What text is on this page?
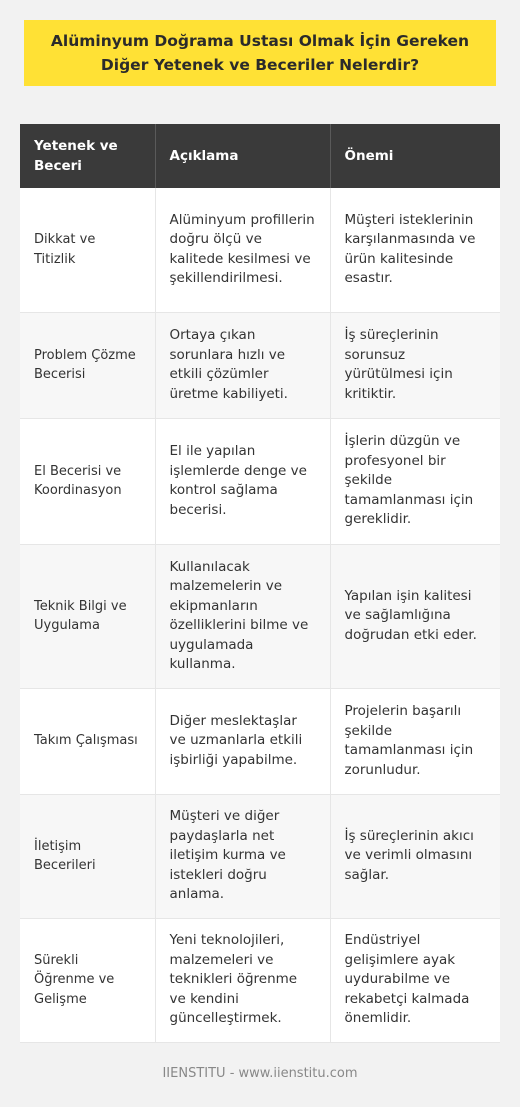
Alüminyum Doğrama Ustası Olmak İçin Gereken Diğer Yetenek ve Beceriler Nelerdir?
Yetenek ve Beceri	Açıklama	Önemi
Dikkat ve Titizlik	Alüminyum profillerin doğru ölçü ve kalitede kesilmesi ve şekillendirilmesi.	Müşteri isteklerinin karşılanmasında ve ürün kalitesinde esastır.
Problem Çözme Becerisi	Ortaya çıkan sorunlara hızlı ve etkili çözümler üretme kabiliyeti.	İş süreçlerinin sorunsuz yürütülmesi için kritiktir.
El Becerisi ve Koordinasyon	El ile yapılan işlemlerde denge ve kontrol sağlama becerisi.	İşlerin düzgün ve profesyonel bir şekilde tamamlanması için gereklidir.
Teknik Bilgi ve Uygulama	Kullanılacak malzemelerin ve ekipmanların özelliklerini bilme ve uygulamada kullanma.	Yapılan işin kalitesi ve sağlamlığına doğrudan etki eder.
Takım Çalışması	Diğer meslektaşlar ve uzmanlarla etkili işbirliği yapabilme.	Projelerin başarılı şekilde tamamlanması için zorunludur.
İletişim Becerileri	Müşteri ve diğer paydaşlarla net iletişim kurma ve istekleri doğru anlama.	İş süreçlerinin akıcı ve verimli olmasını sağlar.
Sürekli Öğrenme ve Gelişme	Yeni teknolojileri, malzemeleri ve teknikleri öğrenme ve kendini güncelleştirmek.	Endüstriyel gelişimlere ayak uydurabilme ve rekabetçi kalmada önemlidir.
IIENSTITU - www.iienstitu.com
